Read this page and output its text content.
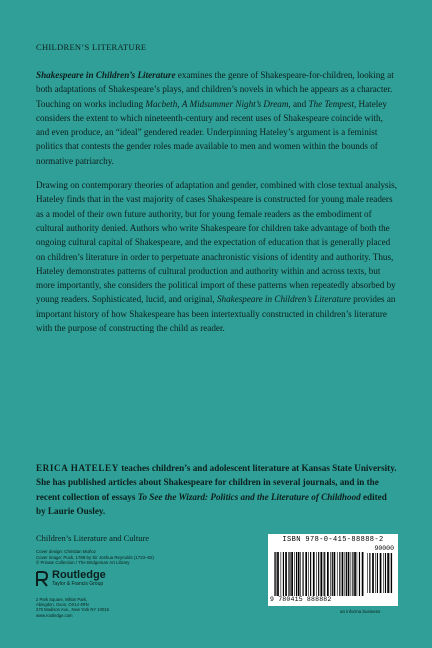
CHILDREN’S LITERATURE

Shakespeare in Children’s Literature examines the genre of Shakespeare-for-children, looking at both adaptations of Shakespeare’s plays, and children’s novels in which he appears as a character. Touching on works including Macbeth, A Midsummer Night’s Dream, and The Tempest, Hateley considers the extent to which nineteenth-century and recent uses of Shakespeare coincide with, and even produce, an “ideal” gendered reader. Underpinning Hateley’s argument is a feminist politics that contests the gender roles made available to men and women within the bounds of normative patriarchy.

Drawing on contemporary theories of adaptation and gender, combined with close textual analysis, Hateley finds that in the vast majority of cases Shakespeare is constructed for young male readers as a model of their own future authority, but for young female readers as the embodiment of cultural authority denied. Authors who write Shakespeare for children take advantage of both the ongoing cultural capital of Shakespeare, and the expectation of education that is generally placed on children’s literature in order to perpetuate anachronistic visions of identity and authority. Thus, Hateley demonstrates patterns of cultural production and authority within and across texts, but more importantly, she considers the political import of these patterns when repeatedly absorbed by young readers. Sophisticated, lucid, and original, Shakespeare in Children’s Literature provides an important history of how Shakespeare has been intertextually constructed in children’s literature with the purpose of constructing the child as reader.

ERICA HATELEY teaches children’s and adolescent literature at Kansas State University. She has published articles about Shakespeare for children in several journals, and in the recent collection of essays To See the Wizard: Politics and the Literature of Childhood edited by Laurie Ousley.
Children’s Literature and Culture
Cover design: Christian Muñoz
Cover image: Puck, 1789 by Sir Joshua Reynolds (1723–92)
© Private Collection / The Bridgeman Art Library
Routledge
Taylor & Francis Group
2 Park Square, Milton Park,
Abingdon, Oxon, OX14 4RN
270 Madison Ave., New York NY 10016
www.routledge.com
ISBN 978-0-415-88888-2
90000
9 780415 888882
an informa business
